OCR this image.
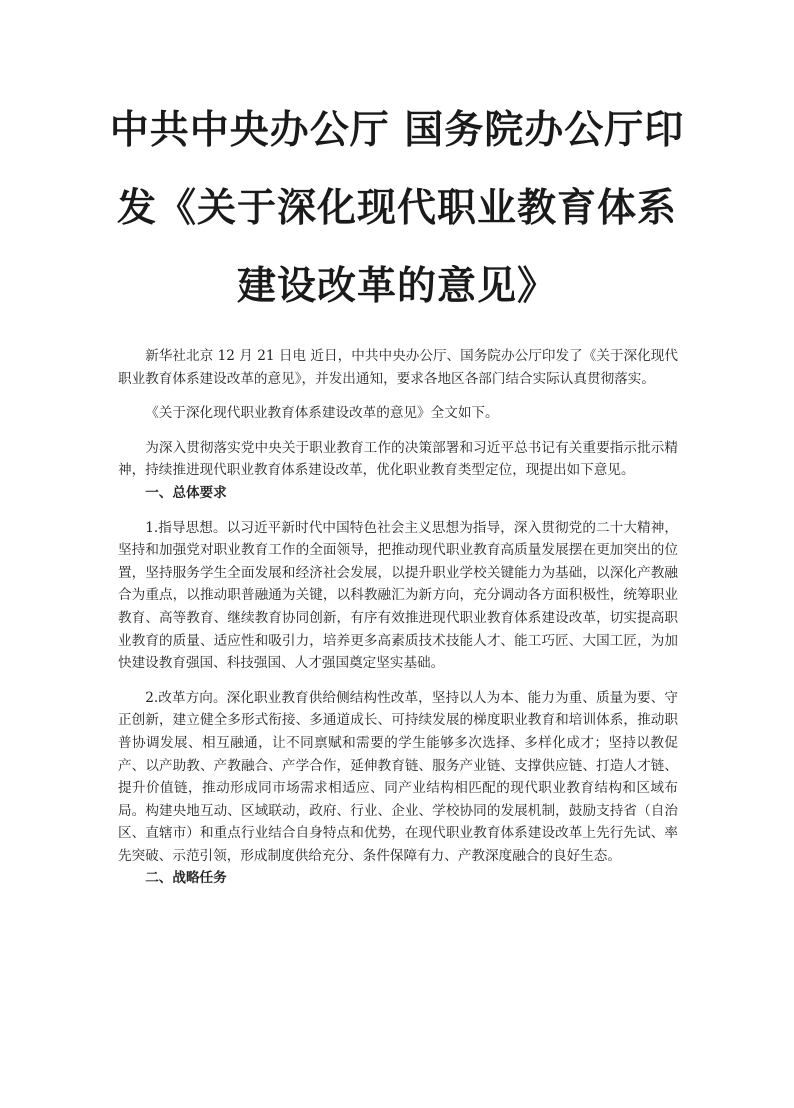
中共中央办公厅 国务院办公厅印
发《关于深化现代职业教育体系
建设改革的意见》

新华社北京 12 月 21 日电 近日，中共中央办公厅、国务院办公厅印发了《关于深化现代职业教育体系建设改革的意见》，并发出通知，要求各地区各部门结合实际认真贯彻落实。

《关于深化现代职业教育体系建设改革的意见》全文如下。

为深入贯彻落实党中央关于职业教育工作的决策部署和习近平总书记有关重要指示批示精神，持续推进现代职业教育体系建设改革，优化职业教育类型定位，现提出如下意见。

一、总体要求

1.指导思想。以习近平新时代中国特色社会主义思想为指导，深入贯彻党的二十大精神，坚持和加强党对职业教育工作的全面领导，把推动现代职业教育高质量发展摆在更加突出的位置，坚持服务学生全面发展和经济社会发展，以提升职业学校关键能力为基础，以深化产教融合为重点，以推动职普融通为关键，以科教融汇为新方向，充分调动各方面积极性，统筹职业教育、高等教育、继续教育协同创新，有序有效推进现代职业教育体系建设改革，切实提高职业教育的质量、适应性和吸引力，培养更多高素质技术技能人才、能工巧匠、大国工匠，为加快建设教育强国、科技强国、人才强国奠定坚实基础。

2.改革方向。深化职业教育供给侧结构性改革，坚持以人为本、能力为重、质量为要、守正创新，建立健全多形式衔接、多通道成长、可持续发展的梯度职业教育和培训体系，推动职普协调发展、相互融通，让不同禀赋和需要的学生能够多次选择、多样化成才；坚持以教促产、以产助教、产教融合、产学合作，延伸教育链、服务产业链、支撑供应链、打造人才链、提升价值链，推动形成同市场需求相适应、同产业结构相匹配的现代职业教育结构和区域布局。构建央地互动、区域联动，政府、行业、企业、学校协同的发展机制，鼓励支持省（自治区、直辖市）和重点行业结合自身特点和优势，在现代职业教育体系建设改革上先行先试、率先突破、示范引领，形成制度供给充分、条件保障有力、产教深度融合的良好生态。

二、战略任务
